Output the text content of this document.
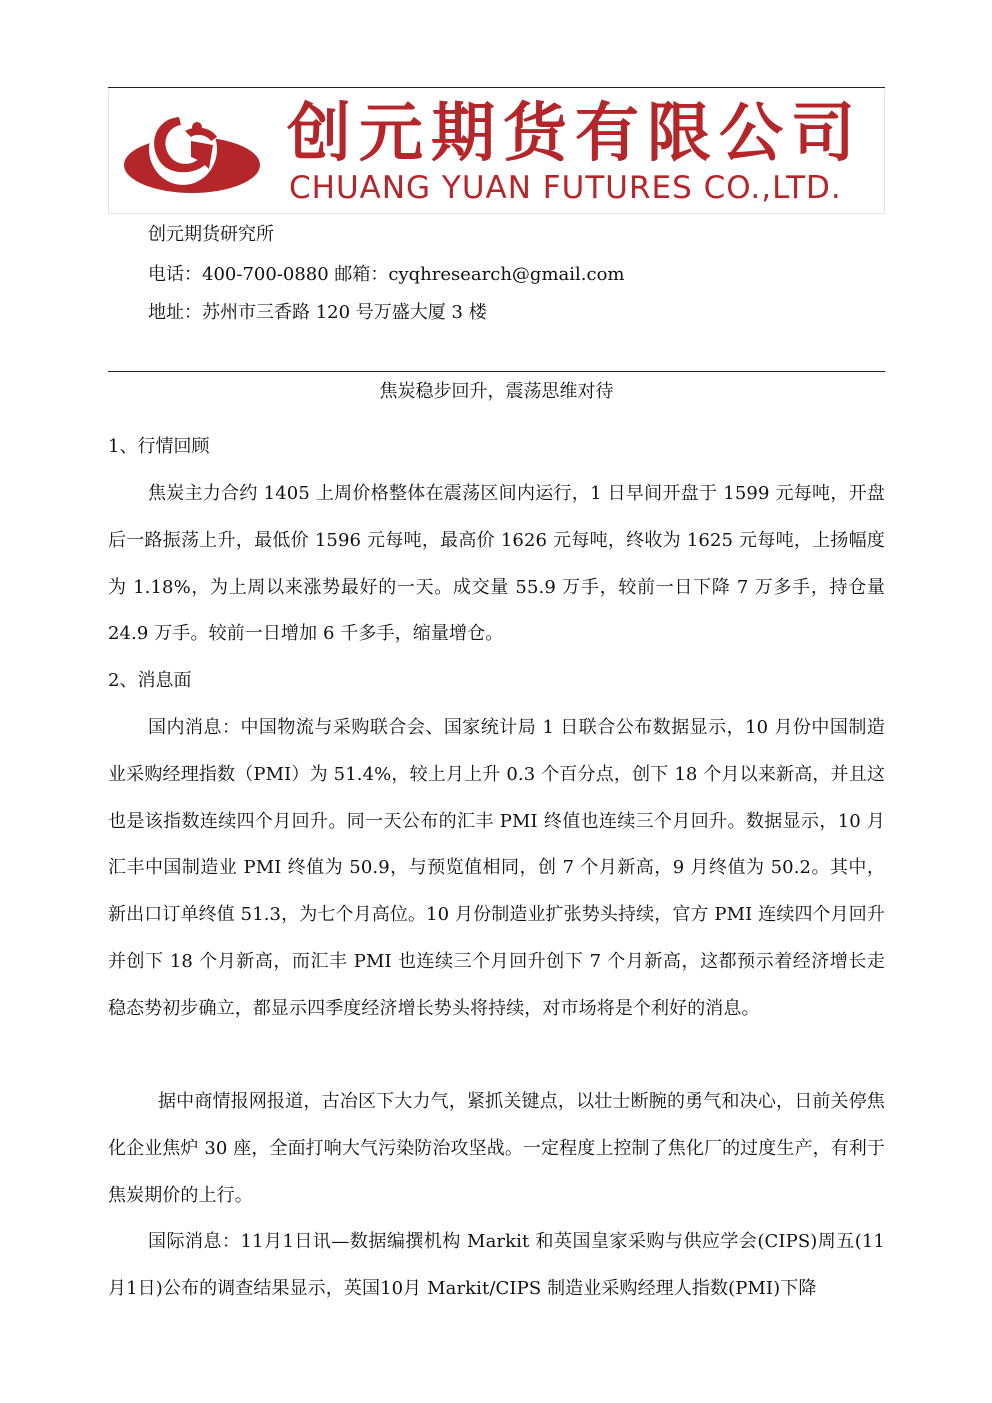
创元期货有限公司
CHUANG YUAN FUTURES CO.,LTD.
创元期货研究所
电话：400-700-0880 邮箱：cyqhresearch@gmail.com
地址：苏州市三香路 120 号万盛大厦 3 楼
焦炭稳步回升，震荡思维对待
1、行情回顾

焦炭主力合约 1405 上周价格整体在震荡区间内运行，1 日早间开盘于 1599 元每吨，开盘后一路振荡上升，最低价 1596 元每吨，最高价 1626 元每吨，终收为 1625 元每吨，上扬幅度为 1.18%，为上周以来涨势最好的一天。成交量 55.9 万手，较前一日下降 7 万多手，持仓量 24.9 万手。较前一日增加 6 千多手，缩量增仓。

2、消息面

国内消息：中国物流与采购联合会、国家统计局 1 日联合公布数据显示，10 月份中国制造业采购经理指数（PMI）为 51.4%，较上月上升 0.3 个百分点，创下 18 个月以来新高，并且这也是该指数连续四个月回升。同一天公布的汇丰 PMI 终值也连续三个月回升。数据显示，10 月汇丰中国制造业 PMI 终值为 50.9，与预览值相同，创 7 个月新高，9 月终值为 50.2。其中，新出口订单终值 51.3，为七个月高位。10 月份制造业扩张势头持续，官方 PMI 连续四个月回升并创下 18 个月新高，而汇丰 PMI 也连续三个月回升创下 7 个月新高，这都预示着经济增长走稳态势初步确立，都显示四季度经济增长势头将持续，对市场将是个利好的消息。

据中商情报网报道，古冶区下大力气，紧抓关键点，以壮士断腕的勇气和决心，日前关停焦化企业焦炉 30 座，全面打响大气污染防治攻坚战。一定程度上控制了焦化厂的过度生产，有利于焦炭期价的上行。

国际消息：11月1日讯—数据编撰机构 Markit 和英国皇家采购与供应学会(CIPS)周五(11月1日)公布的调查结果显示，英国10月 Markit/CIPS 制造业采购经理人指数(PMI)下降
